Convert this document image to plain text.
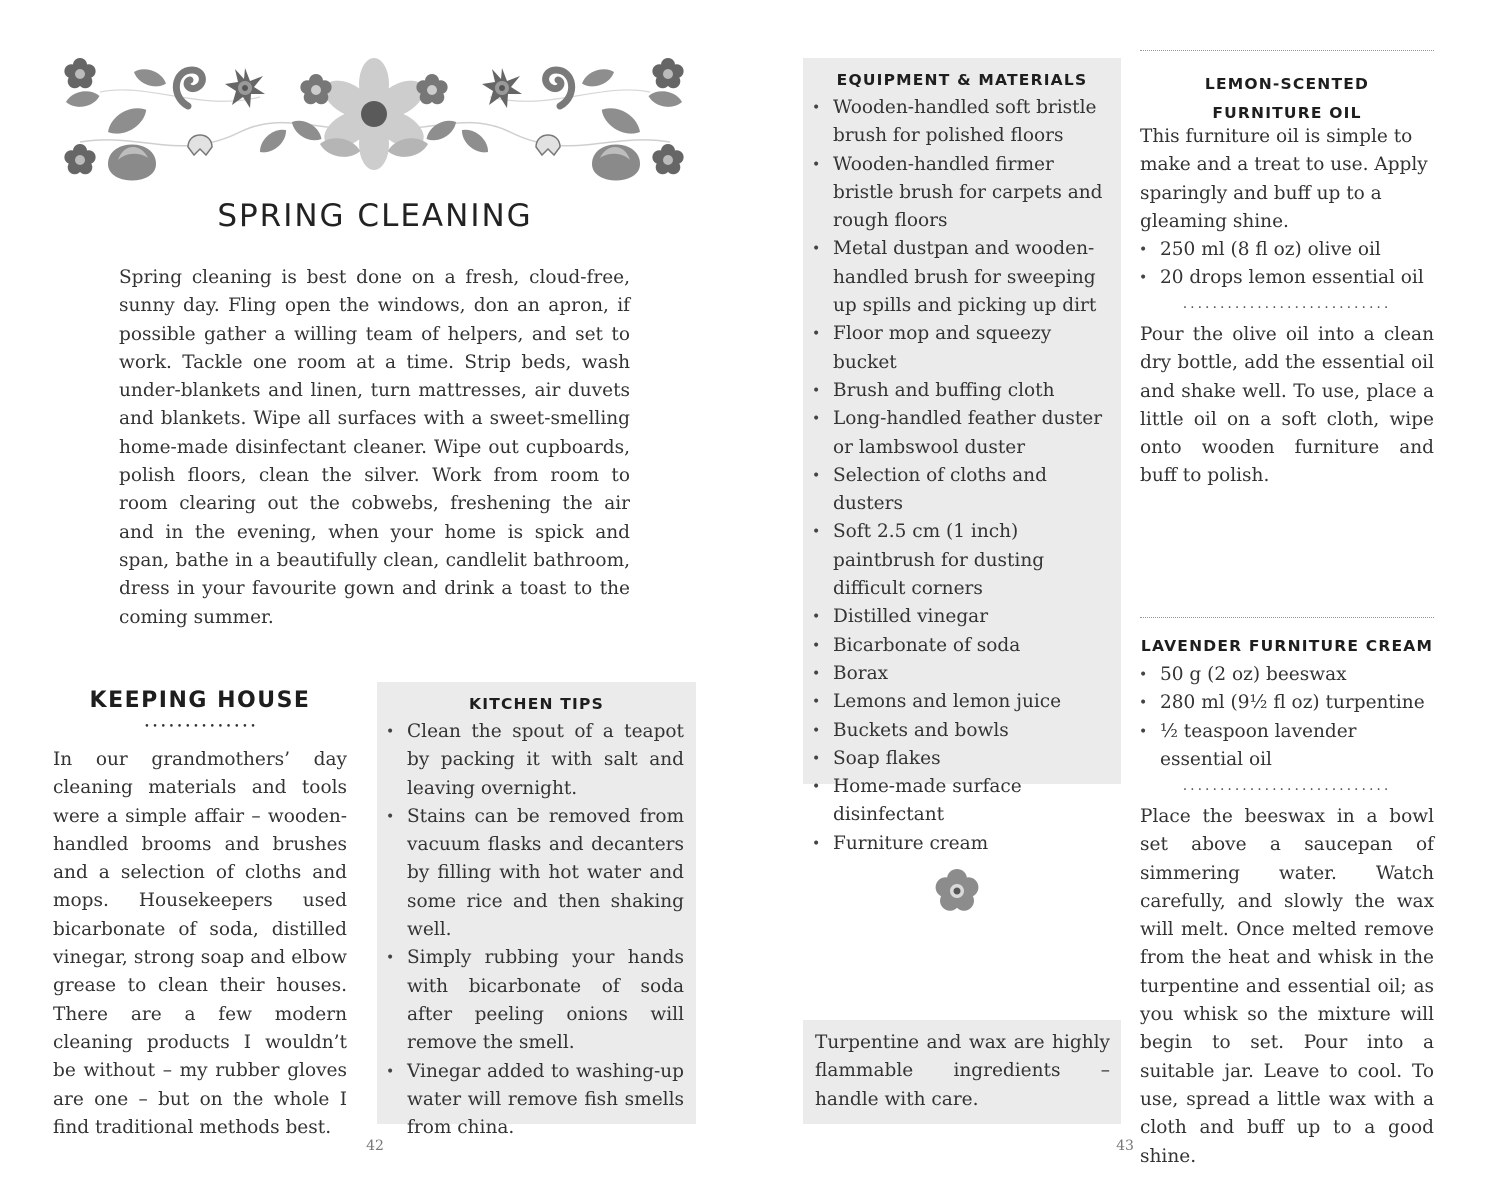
SPRING CLEANING

Spring cleaning is best done on a fresh, cloud-free, sunny day. Fling open the windows, don an apron, if possible gather a willing team of helpers, and set to work. Tackle one room at a time. Strip beds, wash under-blankets and linen, turn mattresses, air duvets and blankets. Wipe all surfaces with a sweet-smelling home-made disinfectant cleaner. Wipe out cupboards, polish floors, clean the silver. Work from room to room clearing out the cobwebs, freshening the air and in the evening, when your home is spick and span, bathe in a beautifully clean, candlelit bathroom, dress in your favourite gown and drink a toast to the coming summer.

KEEPING HOUSE
• • • • • • • • • • • • • •

In our grandmothers’ day cleaning materials and tools were a simple affair – wooden-handled brooms and brushes and a selection of cloths and mops. Housekeepers used bicarbonate of soda, distilled vinegar, strong soap and elbow grease to clean their houses. There are a few modern cleaning products I wouldn’t be without – my rubber gloves are one – but on the whole I find traditional methods best.

KITCHEN TIPS
• Clean the spout of a teapot by packing it with salt and leaving overnight.
• Stains can be removed from vacuum flasks and decanters by filling with hot water and some rice and then shaking well.
• Simply rubbing your hands with bicarbonate of soda after peeling onions will remove the smell.
• Vinegar added to washing-up water will remove fish smells from china.
42
EQUIPMENT & MATERIALS
• Wooden-handled soft bristle brush for polished floors
• Wooden-handled firmer bristle brush for carpets and rough floors
• Metal dustpan and wooden-handled brush for sweeping up spills and picking up dirt
• Floor mop and squeezy bucket
• Brush and buffing cloth
• Long-handled feather duster or lambswool duster
• Selection of cloths and dusters
• Soft 2.5 cm (1 inch) paintbrush for dusting difficult corners
• Distilled vinegar
• Bicarbonate of soda
• Borax
• Lemons and lemon juice
• Buckets and bowls
• Soap flakes
• Home-made surface disinfectant
• Furniture cream

Turpentine and wax are highly flammable ingredients – handle with care.

LEMON-SCENTED
FURNITURE OIL

This furniture oil is simple to make and a treat to use. Apply sparingly and buff up to a gleaming shine.

• 250 ml (8 fl oz) olive oil
• 20 drops lemon essential oil
............................

Pour the olive oil into a clean dry bottle, add the essential oil and shake well. To use, place a little oil on a soft cloth, wipe onto wooden furniture and buff to polish.

LAVENDER FURNITURE CREAM
• 50 g (2 oz) beeswax
• 280 ml (9½ fl oz) turpentine
• ½ teaspoon lavender essential oil
............................

Place the beeswax in a bowl set above a saucepan of simmering water. Watch carefully, and slowly the wax will melt. Once melted remove from the heat and whisk in the turpentine and essential oil; as you whisk so the mixture will begin to set. Pour into a suitable jar. Leave to cool. To use, spread a little wax with a cloth and buff up to a good shine.

43
